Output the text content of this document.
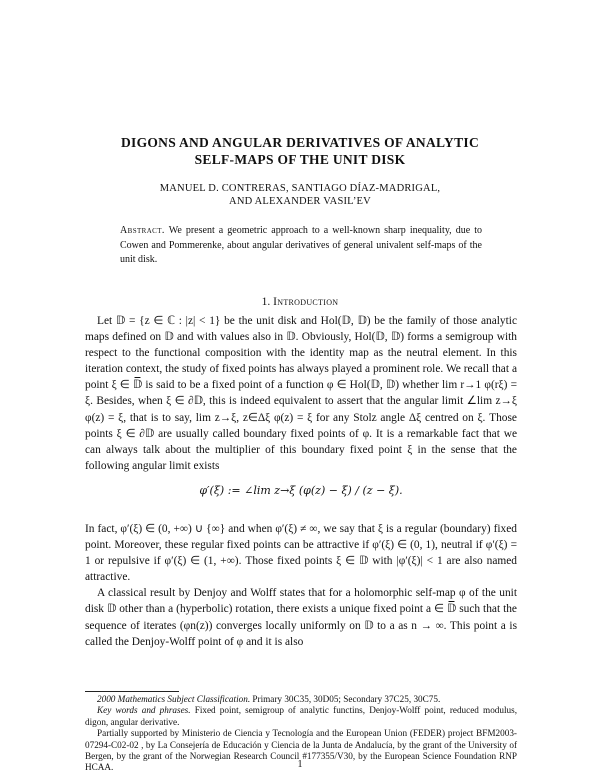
DIGONS AND ANGULAR DERIVATIVES OF ANALYTIC
SELF-MAPS OF THE UNIT DISK
MANUEL D. CONTRERAS, SANTIAGO DÍAZ-MADRIGAL,
AND ALEXANDER VASIL’EV
Abstract. We present a geometric approach to a well-known sharp inequality, due to Cowen and Pommerenke, about angular derivatives of general univalent self-maps of the unit disk.
1. Introduction

Let 𝔻 = {z ∈ ℂ : |z| < 1} be the unit disk and Hol(𝔻, 𝔻) be the family of those analytic maps defined on 𝔻 and with values also in 𝔻. Obviously, Hol(𝔻, 𝔻) forms a semigroup with respect to the functional composition with the identity map as the neutral element. In this iteration context, the study of fixed points has always played a prominent role. We recall that a point ξ ∈ 𝔻̅ is said to be a fixed point of a function φ ∈ Hol(𝔻, 𝔻) whether lim r→1 φ(rξ) = ξ. Besides, when ξ ∈ ∂𝔻, this is indeed equivalent to assert that the angular limit ∠lim z→ξ φ(z) = ξ, that is to say, lim z→ξ, z∈Δξ φ(z) = ξ for any Stolz angle Δξ centred on ξ. Those points ξ ∈ ∂𝔻 are usually called boundary fixed points of φ. It is a remarkable fact that we can always talk about the multiplier of this boundary fixed point ξ in the sense that the following angular limit exists

φ′(ξ) := ∠lim z→ξ (φ(z) − ξ) / (z − ξ).

In fact, φ′(ξ) ∈ (0, +∞) ∪ {∞} and when φ′(ξ) ≠ ∞, we say that ξ is a regular (boundary) fixed point. Moreover, these regular fixed points can be attractive if φ′(ξ) ∈ (0, 1), neutral if φ′(ξ) = 1 or repulsive if φ′(ξ) ∈ (1, +∞). Those fixed points ξ ∈ 𝔻 with |φ′(ξ)| < 1 are also named attractive.

A classical result by Denjoy and Wolff states that for a holomorphic self-map φ of the unit disk 𝔻 other than a (hyperbolic) rotation, there exists a unique fixed point a ∈ 𝔻̅ such that the sequence of iterates (φn(z)) converges locally uniformly on 𝔻 to a as n → ∞. This point a is called the Denjoy-Wolff point of φ and it is also

2000 Mathematics Subject Classification. Primary 30C35, 30D05; Secondary 37C25, 30C75.

Key words and phrases. Fixed point, semigroup of analytic functins, Denjoy-Wolff point, reduced modulus, digon, angular derivative.

Partially supported by Ministerio de Ciencia y Tecnología and the European Union (FEDER) project BFM2003-07294-C02-02 , by La Consejería de Educación y Ciencia de la Junta de Andalucía, by the grant of the University of Bergen, by the grant of the Norwegian Research Council #177355/V30, by the European Science Foundation RNP HCAA.	1
